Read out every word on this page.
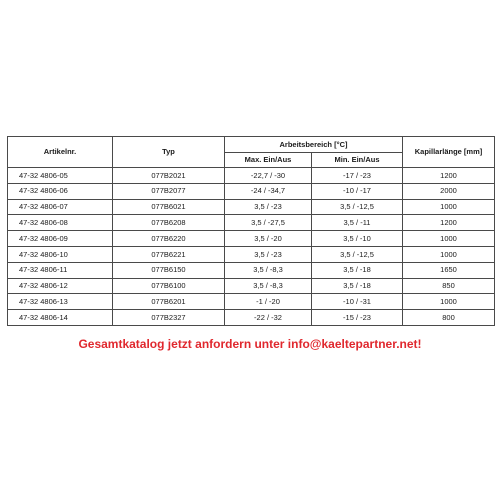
Artikelnr.	Typ	Arbeitsbereich [°C]		Kapillarlänge [mm]
		Max. Ein/Aus	Min. Ein/Aus	
47-32 4806-05	077B2021	-22,7 / -30	-17 / -23	1200
47-32 4806-06	077B2077	-24 / -34,7	-10 / -17	2000
47-32 4806-07	077B6021	3,5 / -23	3,5 / -12,5	1000
47-32 4806-08	077B6208	3,5 / -27,5	3,5 / -11	1200
47-32 4806-09	077B6220	3,5 / -20	3,5 / -10	1000
47-32 4806-10	077B6221	3,5 / -23	3,5 / -12,5	1000
47-32 4806-11	077B6150	3,5 / -8,3	3,5 / -18	1650
47-32 4806-12	077B6100	3,5 / -8,3	3,5 / -18	850
47-32 4806-13	077B6201	-1 / -20	-10 / -31	1000
47-32 4806-14	077B2327	-22 / -32	-15 / -23	800
Gesamtkatalog jetzt anfordern unter info@kaeltepartner.net!
